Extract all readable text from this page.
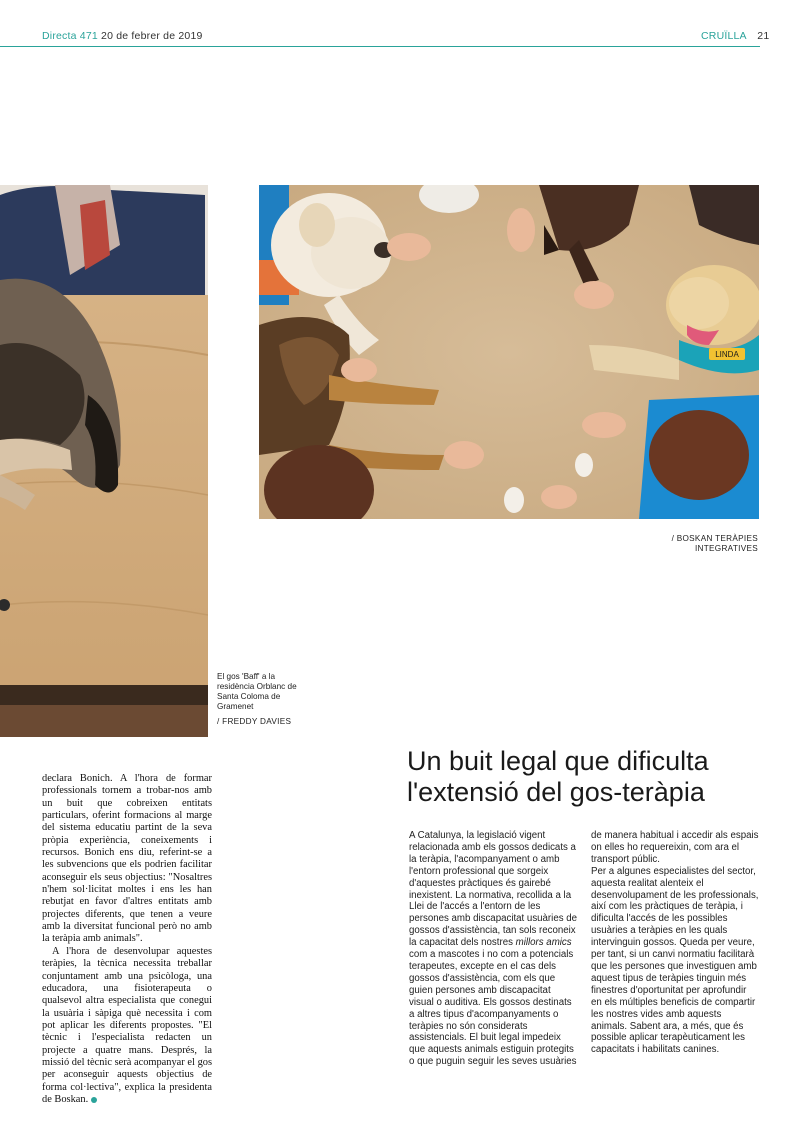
Directa 471 20 de febrer de 2019	CRUÏLLA 21
El gos 'Baff' a la residència Orblanc de Santa Coloma de Gramenet
/ FREDDY DAVIES
LINDA
/ BOSKAN TERÀPIES INTEGRATIVES

declara Bonich. A l'hora de formar professionals tornem a trobar-nos amb un buit que cobreixen entitats particulars, oferint formacions al marge del sistema educatiu partint de la seva pròpia experiència, coneixements i recursos. Bonich ens diu, referint-se a les subvencions que els podrien facilitar aconseguir els seus objectius: "Nosaltres n'hem sol·licitat moltes i ens les han rebutjat en favor d'altres entitats amb projectes diferents, que tenen a veure amb la diversitat funcional però no amb la teràpia amb animals".

A l'hora de desenvolupar aquestes teràpies, la tècnica necessita treballar conjuntament amb una psicòloga, una educadora, una fisioterapeuta o qualsevol altra especialista que conegui la usuària i sàpiga què necessita i com pot aplicar les diferents propostes. "El tècnic i l'especialista redacten un projecte a quatre mans. Després, la missió del tècnic serà acompanyar el gos per aconseguir aquests objectius de forma col·lectiva", explica la presidenta de Boskan.

Un buit legal que dificulta
l'extensió del gos-teràpia

A Catalunya, la legislació vigent relacionada amb els gossos dedicats a la teràpia, l'acompanyament o amb l'entorn professional que sorgeix d'aquestes pràctiques és gairebé inexistent. La normativa, recollida a la Llei de l'accés a l'entorn de les persones amb discapacitat usuàries de gossos d'assistència, tan sols reconeix la capacitat dels nostres millors amics com a mascotes i no com a potencials terapeutes, excepte en el cas dels gossos d'assistència, com els que guien persones amb discapacitat visual o auditiva. Els gossos destinats a altres tipus d'acompanyaments o teràpies no són considerats assistencials. El buit legal impedeix que aquests animals estiguin protegits o que puguin seguir les seves usuàries

de manera habitual i accedir als espais on elles ho requereixin, com ara el transport públic.

Per a algunes especialistes del sector, aquesta realitat alenteix el desenvolupament de les professionals, així com les pràctiques de teràpia, i dificulta l'accés de les possibles usuàries a teràpies en les quals intervinguin gossos. Queda per veure, per tant, si un canvi normatiu facilitarà que les persones que investiguen amb aquest tipus de teràpies tinguin més finestres d'oportunitat per aprofundir en els múltiples beneficis de compartir les nostres vides amb aquests animals. Sabent ara, a més, que és possible aplicar terapèuticament les capacitats i habilitats canines.
